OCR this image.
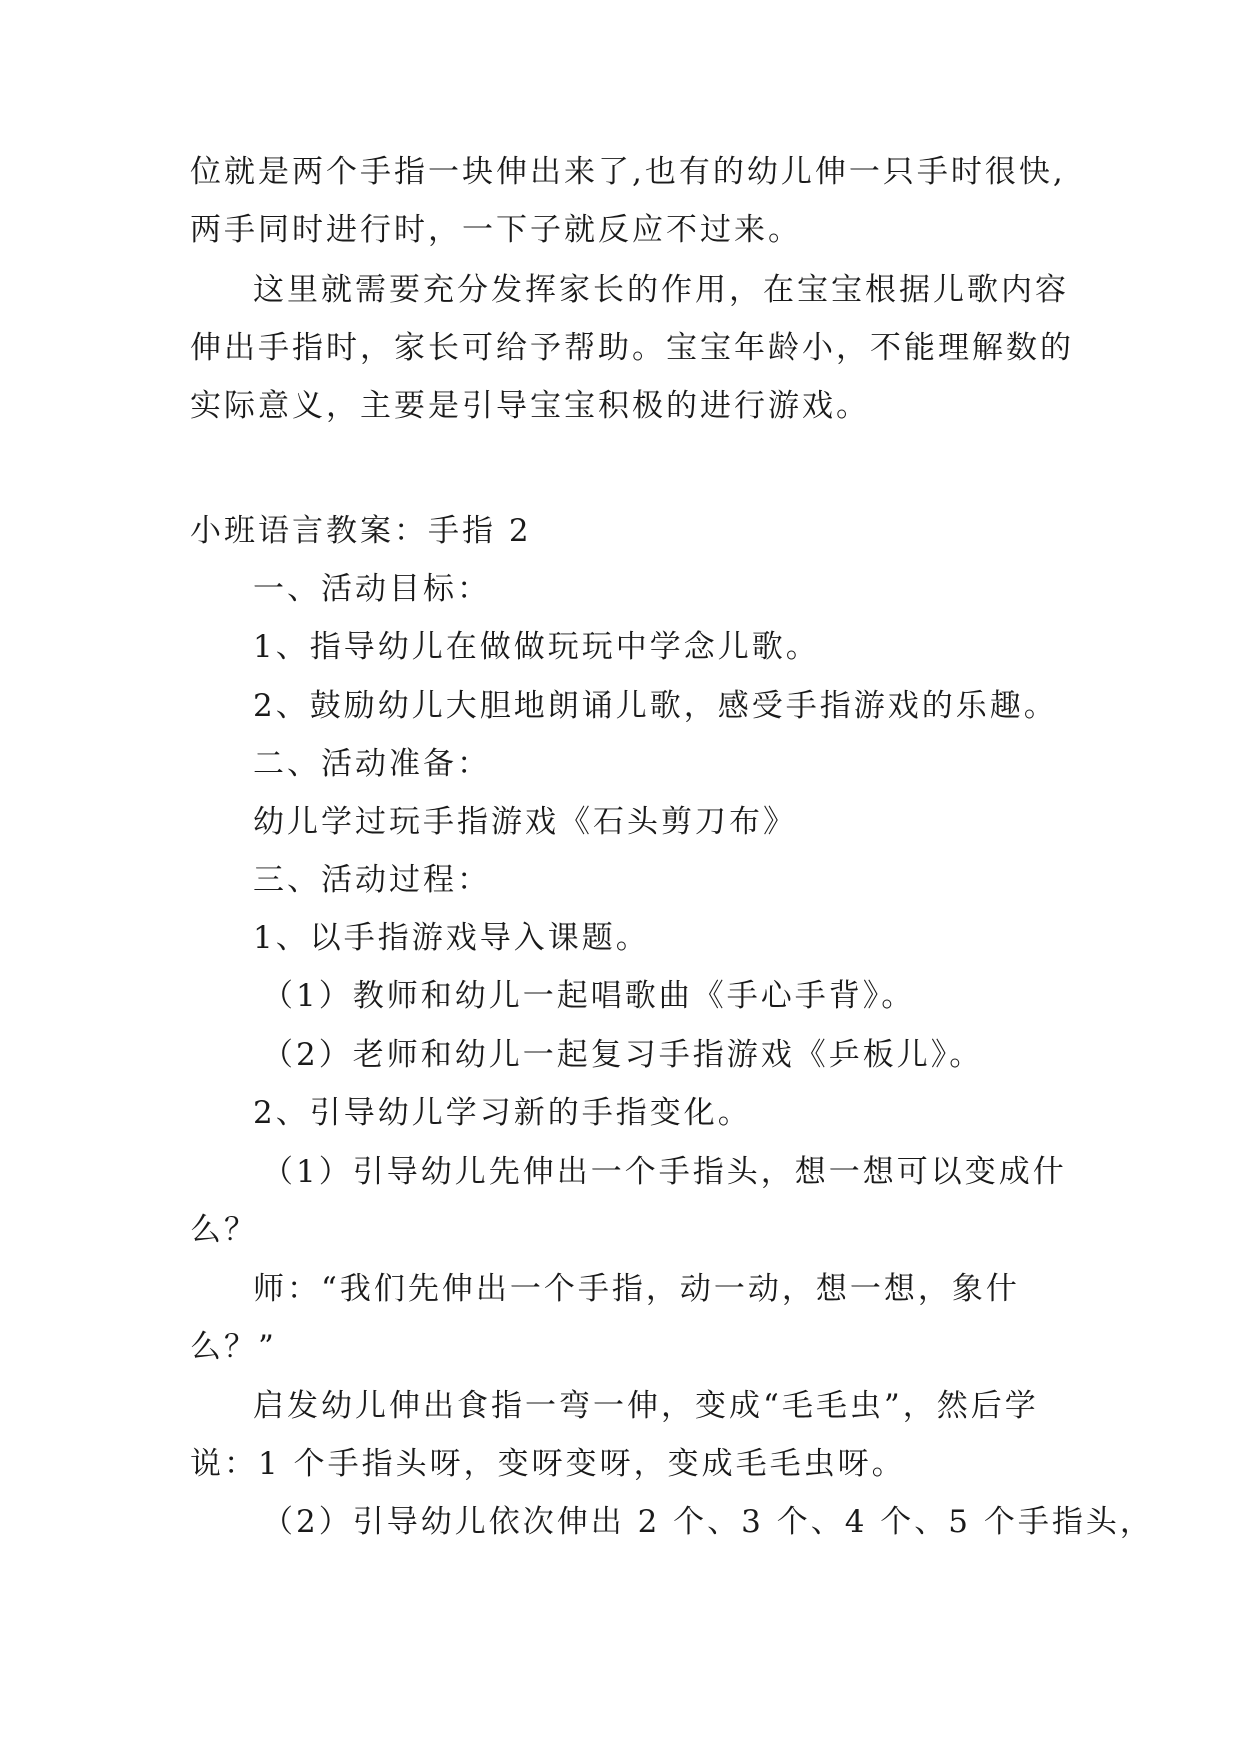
位就是两个手指一块伸出来了,也有的幼儿伸一只手时很快,
两手同时进行时，一下子就反应不过来。
这里就需要充分发挥家长的作用，在宝宝根据儿歌内容
伸出手指时，家长可给予帮助。宝宝年龄小，不能理解数的
实际意义，主要是引导宝宝积极的进行游戏。
小班语言教案：手指 2
一、活动目标：
1、指导幼儿在做做玩玩中学念儿歌。
2、鼓励幼儿大胆地朗诵儿歌，感受手指游戏的乐趣。
二、活动准备：
幼儿学过玩手指游戏《石头剪刀布》
三、活动过程：
1、以手指游戏导入课题。
（1）教师和幼儿一起唱歌曲《手心手背》。
（2）老师和幼儿一起复习手指游戏《乒板儿》。
2、引导幼儿学习新的手指变化。
（1）引导幼儿先伸出一个手指头，想一想可以变成什
么？
师：“我们先伸出一个手指，动一动，想一想，象什
么？”
启发幼儿伸出食指一弯一伸，变成“毛毛虫”，然后学
说：1 个手指头呀，变呀变呀，变成毛毛虫呀。
（2）引导幼儿依次伸出 2 个、3 个、4 个、5 个手指头，
